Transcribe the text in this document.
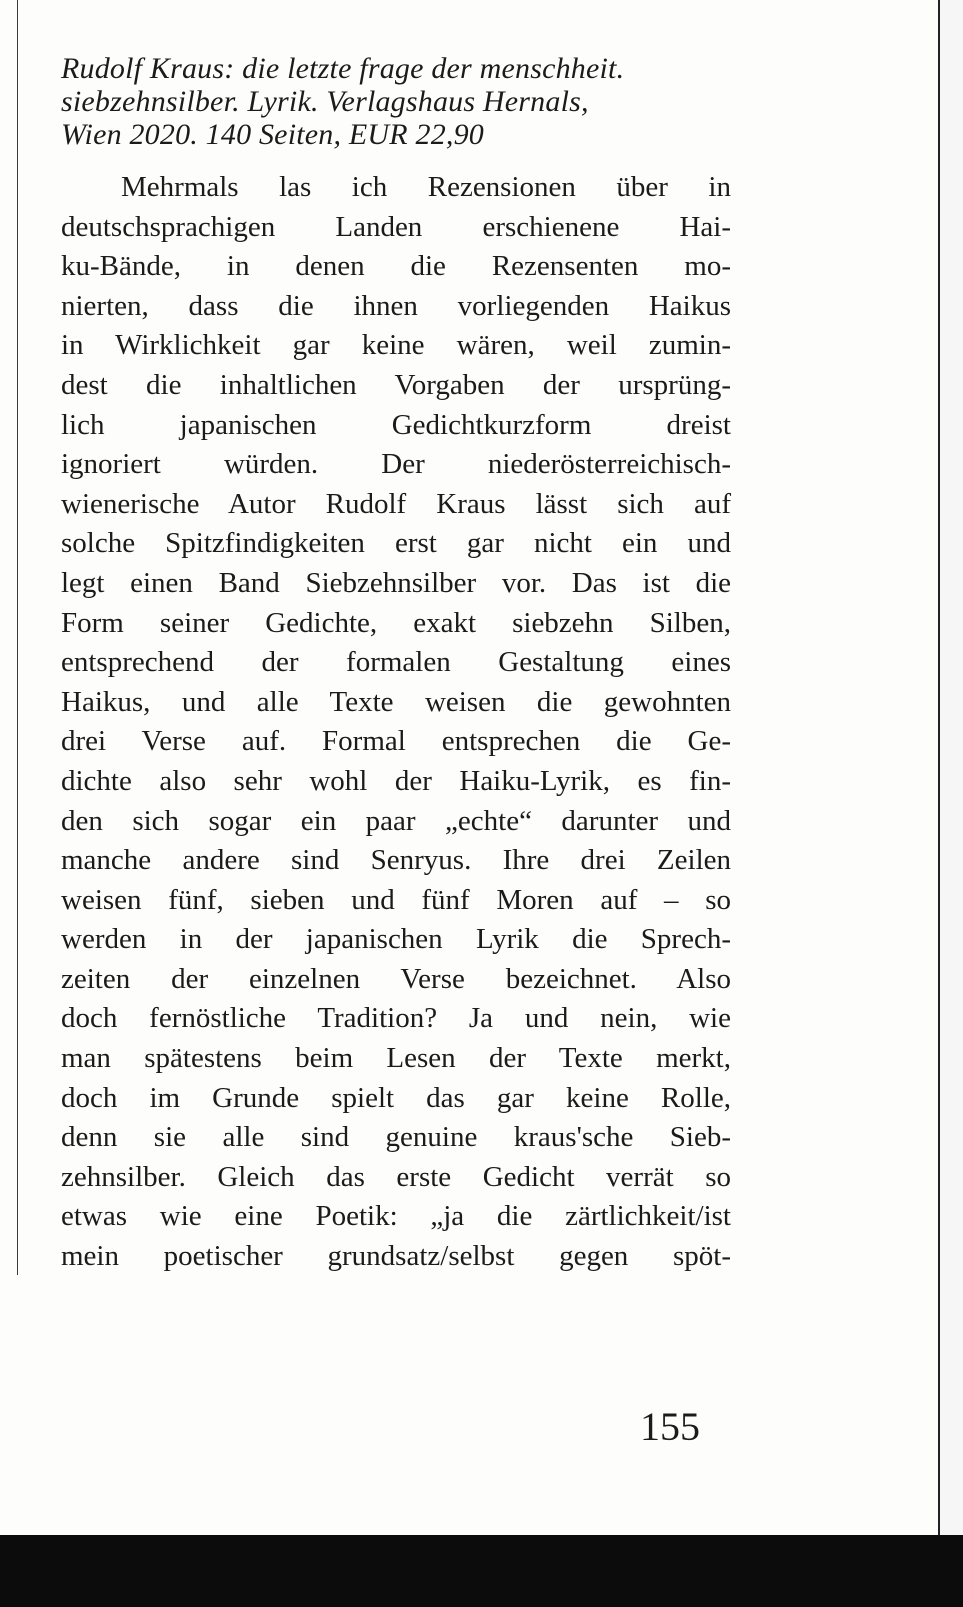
Rudolf Kraus: die letzte frage der menschheit.
siebzehnsilber. Lyrik. Verlagshaus Hernals,
Wien 2020. 140 Seiten, EUR 22,90
Mehrmals las ich Rezensionen über in
deutschsprachigen Landen erschienene Hai-
ku-Bände, in denen die Rezensenten mo-
nierten, dass die ihnen vorliegenden Haikus
in Wirklichkeit gar keine wären, weil zumin-
dest die inhaltlichen Vorgaben der ursprüng-
lich japanischen Gedichtkurzform dreist
ignoriert würden. Der niederösterreichisch-
wienerische Autor Rudolf Kraus lässt sich auf
solche Spitzfindigkeiten erst gar nicht ein und
legt einen Band Siebzehnsilber vor. Das ist die
Form seiner Gedichte, exakt siebzehn Silben,
entsprechend der formalen Gestaltung eines
Haikus, und alle Texte weisen die gewohnten
drei Verse auf. Formal entsprechen die Ge-
dichte also sehr wohl der Haiku-Lyrik, es fin-
den sich sogar ein paar „echte“ darunter und
manche andere sind Senryus. Ihre drei Zeilen
weisen fünf, sieben und fünf Moren auf – so
werden in der japanischen Lyrik die Sprech-
zeiten der einzelnen Verse bezeichnet. Also
doch fernöstliche Tradition? Ja und nein, wie
man spätestens beim Lesen der Texte merkt,
doch im Grunde spielt das gar keine Rolle,
denn sie alle sind genuine kraus'sche Sieb-
zehnsilber. Gleich das erste Gedicht verrät so
etwas wie eine Poetik: „ja die zärtlichkeit/ist
mein poetischer grundsatz/selbst gegen spöt-
155
